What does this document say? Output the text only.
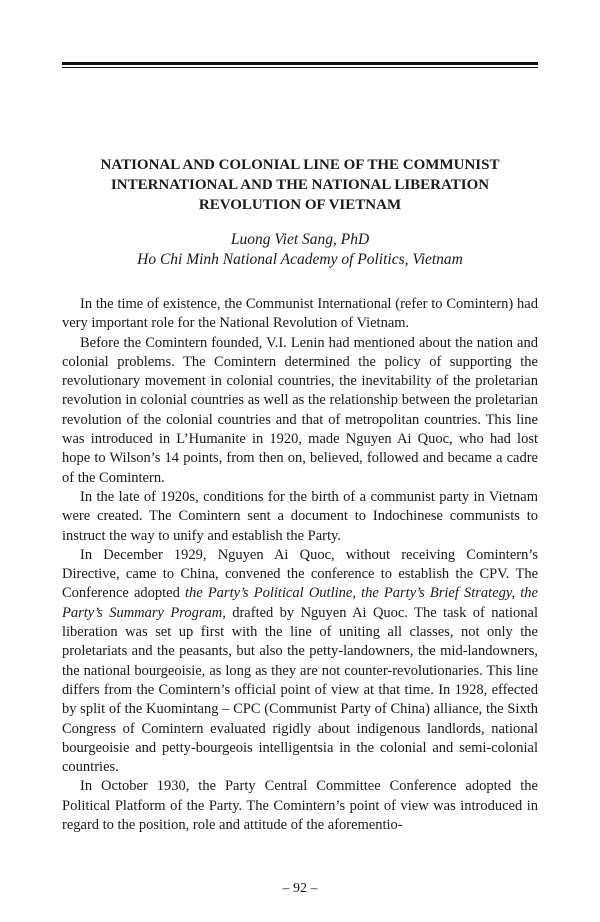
NATIONAL AND COLONIAL LINE OF THE COMMUNIST
INTERNATIONAL AND THE NATIONAL LIBERATION
REVOLUTION OF VIETNAM
Luong Viet Sang, PhD
Ho Chi Minh National Academy of Politics, Vietnam

In the time of existence, the Communist International (refer to Comintern) had very important role for the National Revolution of Vietnam.

Before the Comintern founded, V.I. Lenin had mentioned about the nation and colonial problems. The Comintern determined the policy of supporting the revolutionary movement in colonial countries, the inevitability of the proletarian revolution in colonial countries as well as the relationship between the proletarian revolution of the colonial countries and that of metropolitan countries. This line was introduced in L’Humanite in 1920, made Nguyen Ai Quoc, who had lost hope to Wilson’s 14 points, from then on, believed, followed and became a cadre of the Comintern.

In the late of 1920s, conditions for the birth of a communist party in Vietnam were created. The Comintern sent a document to Indochinese communists to instruct the way to unify and establish the Party.

In December 1929, Nguyen Ai Quoc, without receiving Comintern’s Directive, came to China, convened the conference to establish the CPV. The Conference adopted the Party’s Political Outline, the Party’s Brief Strategy, the Party’s Summary Program, drafted by Nguyen Ai Quoc. The task of national liberation was set up first with the line of uniting all classes, not only the proletariats and the peasants, but also the petty-landowners, the mid-landowners, the national bourgeoisie, as long as they are not counter-revolutionaries. This line differs from the Comintern’s official point of view at that time. In 1928, effected by split of the Kuomintang – CPC (Communist Party of China) alliance, the Sixth Congress of Comintern evaluated rigidly about indigenous landlords, national bourgeoisie and petty-bourgeois intelligentsia in the colonial and semi-colonial countries.

In October 1930, the Party Central Committee Conference adopted the Political Platform of the Party. The Comintern’s point of view was introduced in regard to the position, role and attitude of the aforementio-

– 92 –
